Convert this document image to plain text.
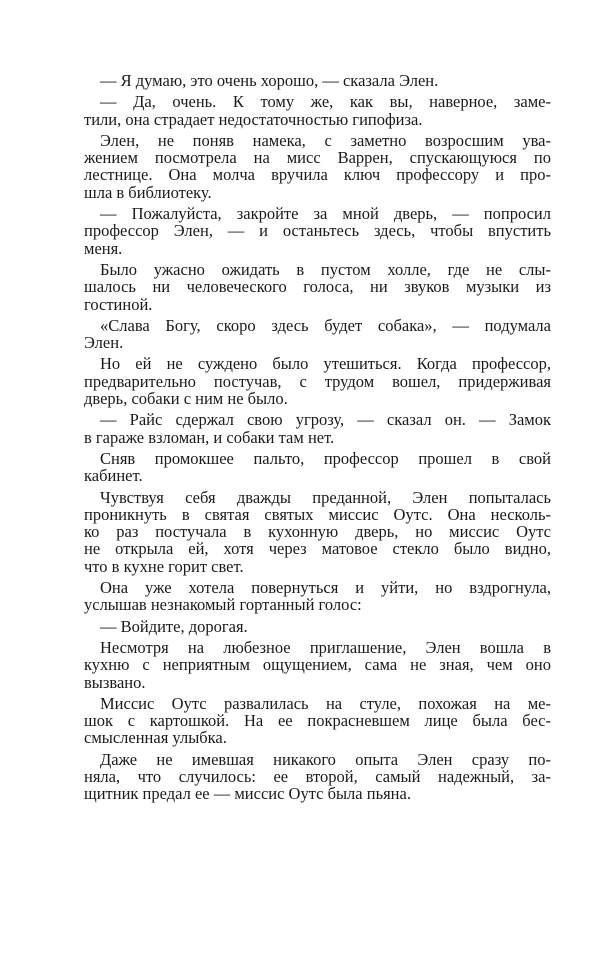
— Я думаю, это очень хорошо, — сказала Элен.
— Да, очень. К тому же, как вы, наверное, заме-
тили, она страдает недостаточностью гипофиза.
Элен, не поняв намека, с заметно возросшим ува-
жением посмотрела на мисс Варрен, спускающуюся по
лестнице. Она молча вручила ключ профессору и про-
шла в библиотеку.
— Пожалуйста, закройте за мной дверь, — попросил
профессор Элен, — и останьтесь здесь, чтобы впустить
меня.
Было ужасно ожидать в пустом холле, где не слы-
шалось ни человеческого голоса, ни звуков музыки из
гостиной.
«Слава Богу, скоро здесь будет собака», — подумала
Элен.
Но ей не суждено было утешиться. Когда профессор,
предварительно постучав, с трудом вошел, придерживая
дверь, собаки с ним не было.
— Райс сдержал свою угрозу, — сказал он. — Замок
в гараже взломан, и собаки там нет.
Сняв промокшее пальто, профессор прошел в свой
кабинет.
Чувствуя себя дважды преданной, Элен попыталась
проникнуть в святая святых миссис Оутс. Она несколь-
ко раз постучала в кухонную дверь, но миссис Оутс
не открыла ей, хотя через матовое стекло было видно,
что в кухне горит свет.
Она уже хотела повернуться и уйти, но вздрогнула,
услышав незнакомый гортанный голос:
— Войдите, дорогая.
Несмотря на любезное приглашение, Элен вошла в
кухню с неприятным ощущением, сама не зная, чем оно
вызвано.
Миссис Оутс развалилась на стуле, похожая на ме-
шок с картошкой. На ее покрасневшем лице была бес-
смысленная улыбка.
Даже не имевшая никакого опыта Элен сразу по-
няла, что случилось: ее второй, самый надежный, за-
щитник предал ее — миссис Оутс была пьяна.
